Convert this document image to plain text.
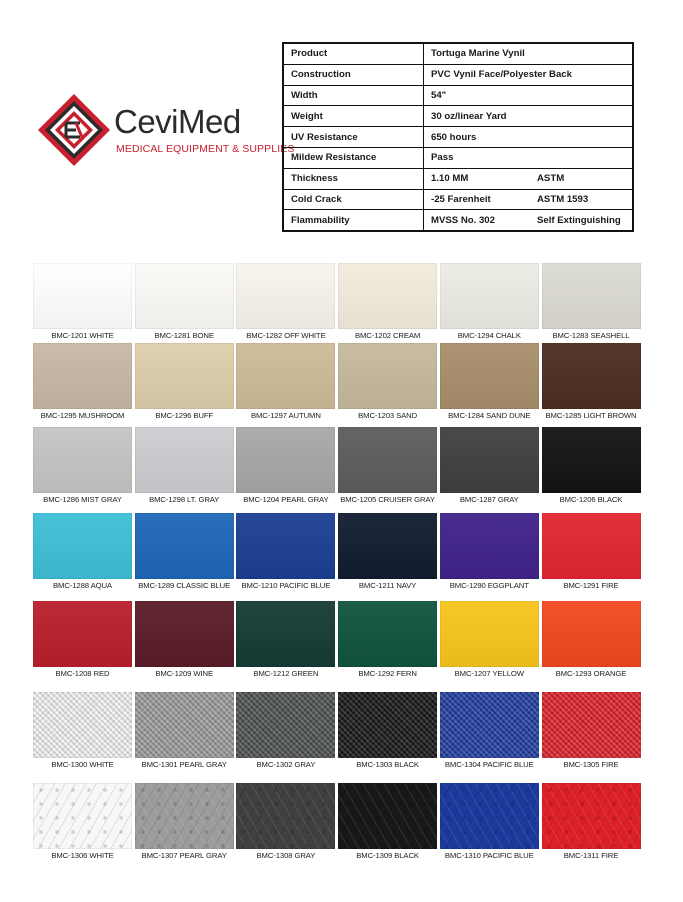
CeviMed
MEDICAL EQUIPMENT & SUPPLIES
Product	Tortuga Marine Vynil	
Construction	PVC Vynil Face/Polyester Back	
Width	54"	
Weight	30 oz/linear Yard	
UV Resistance	650 hours	
Mildew Resistance	Pass	
Thickness	1.10 MM	ASTM
Cold Crack	-25 Farenheit	ASTM 1593
Flammability	MVSS No. 302	Self Extinguishing
BMC-1201 WHITE	BMC-1281 BONE	BMC-1282 OFF WHITE	BMC-1202 CREAM	BMC-1294 CHALK	BMC-1283 SEASHELL
BMC-1295 MUSHROOM	BMC-1296 BUFF	BMC-1297 AUTUMN	BMC-1203 SAND	BMC-1284 SAND DUNE	BMC-1285 LIGHT BROWN
BMC-1286 MIST GRAY	BMC-1298 LT. GRAY	BMC-1204 PEARL GRAY	BMC-1205 CRUISER GRAY	BMC-1287 GRAY	BMC-1206 BLACK
BMC-1288 AQUA	BMC-1289 CLASSIC BLUE	BMC-1210 PACIFIC BLUE	BMC-1211 NAVY	BMC-1290 EGGPLANT	BMC-1291 FIRE
BMC-1208 RED	BMC-1209 WINE	BMC-1212 GREEN	BMC-1292 FERN	BMC-1207 YELLOW	BMC-1293 ORANGE
BMC-1300 WHITE	BMC-1301 PEARL GRAY	BMC-1302 GRAY	BMC-1303 BLACK	BMC-1304 PACIFIC BLUE	BMC-1305 FIRE
BMC-1306 WHITE	BMC-1307 PEARL GRAY	BMC-1308 GRAY	BMC-1309 BLACK	BMC-1310 PACIFIC BLUE	BMC-1311 FIRE
